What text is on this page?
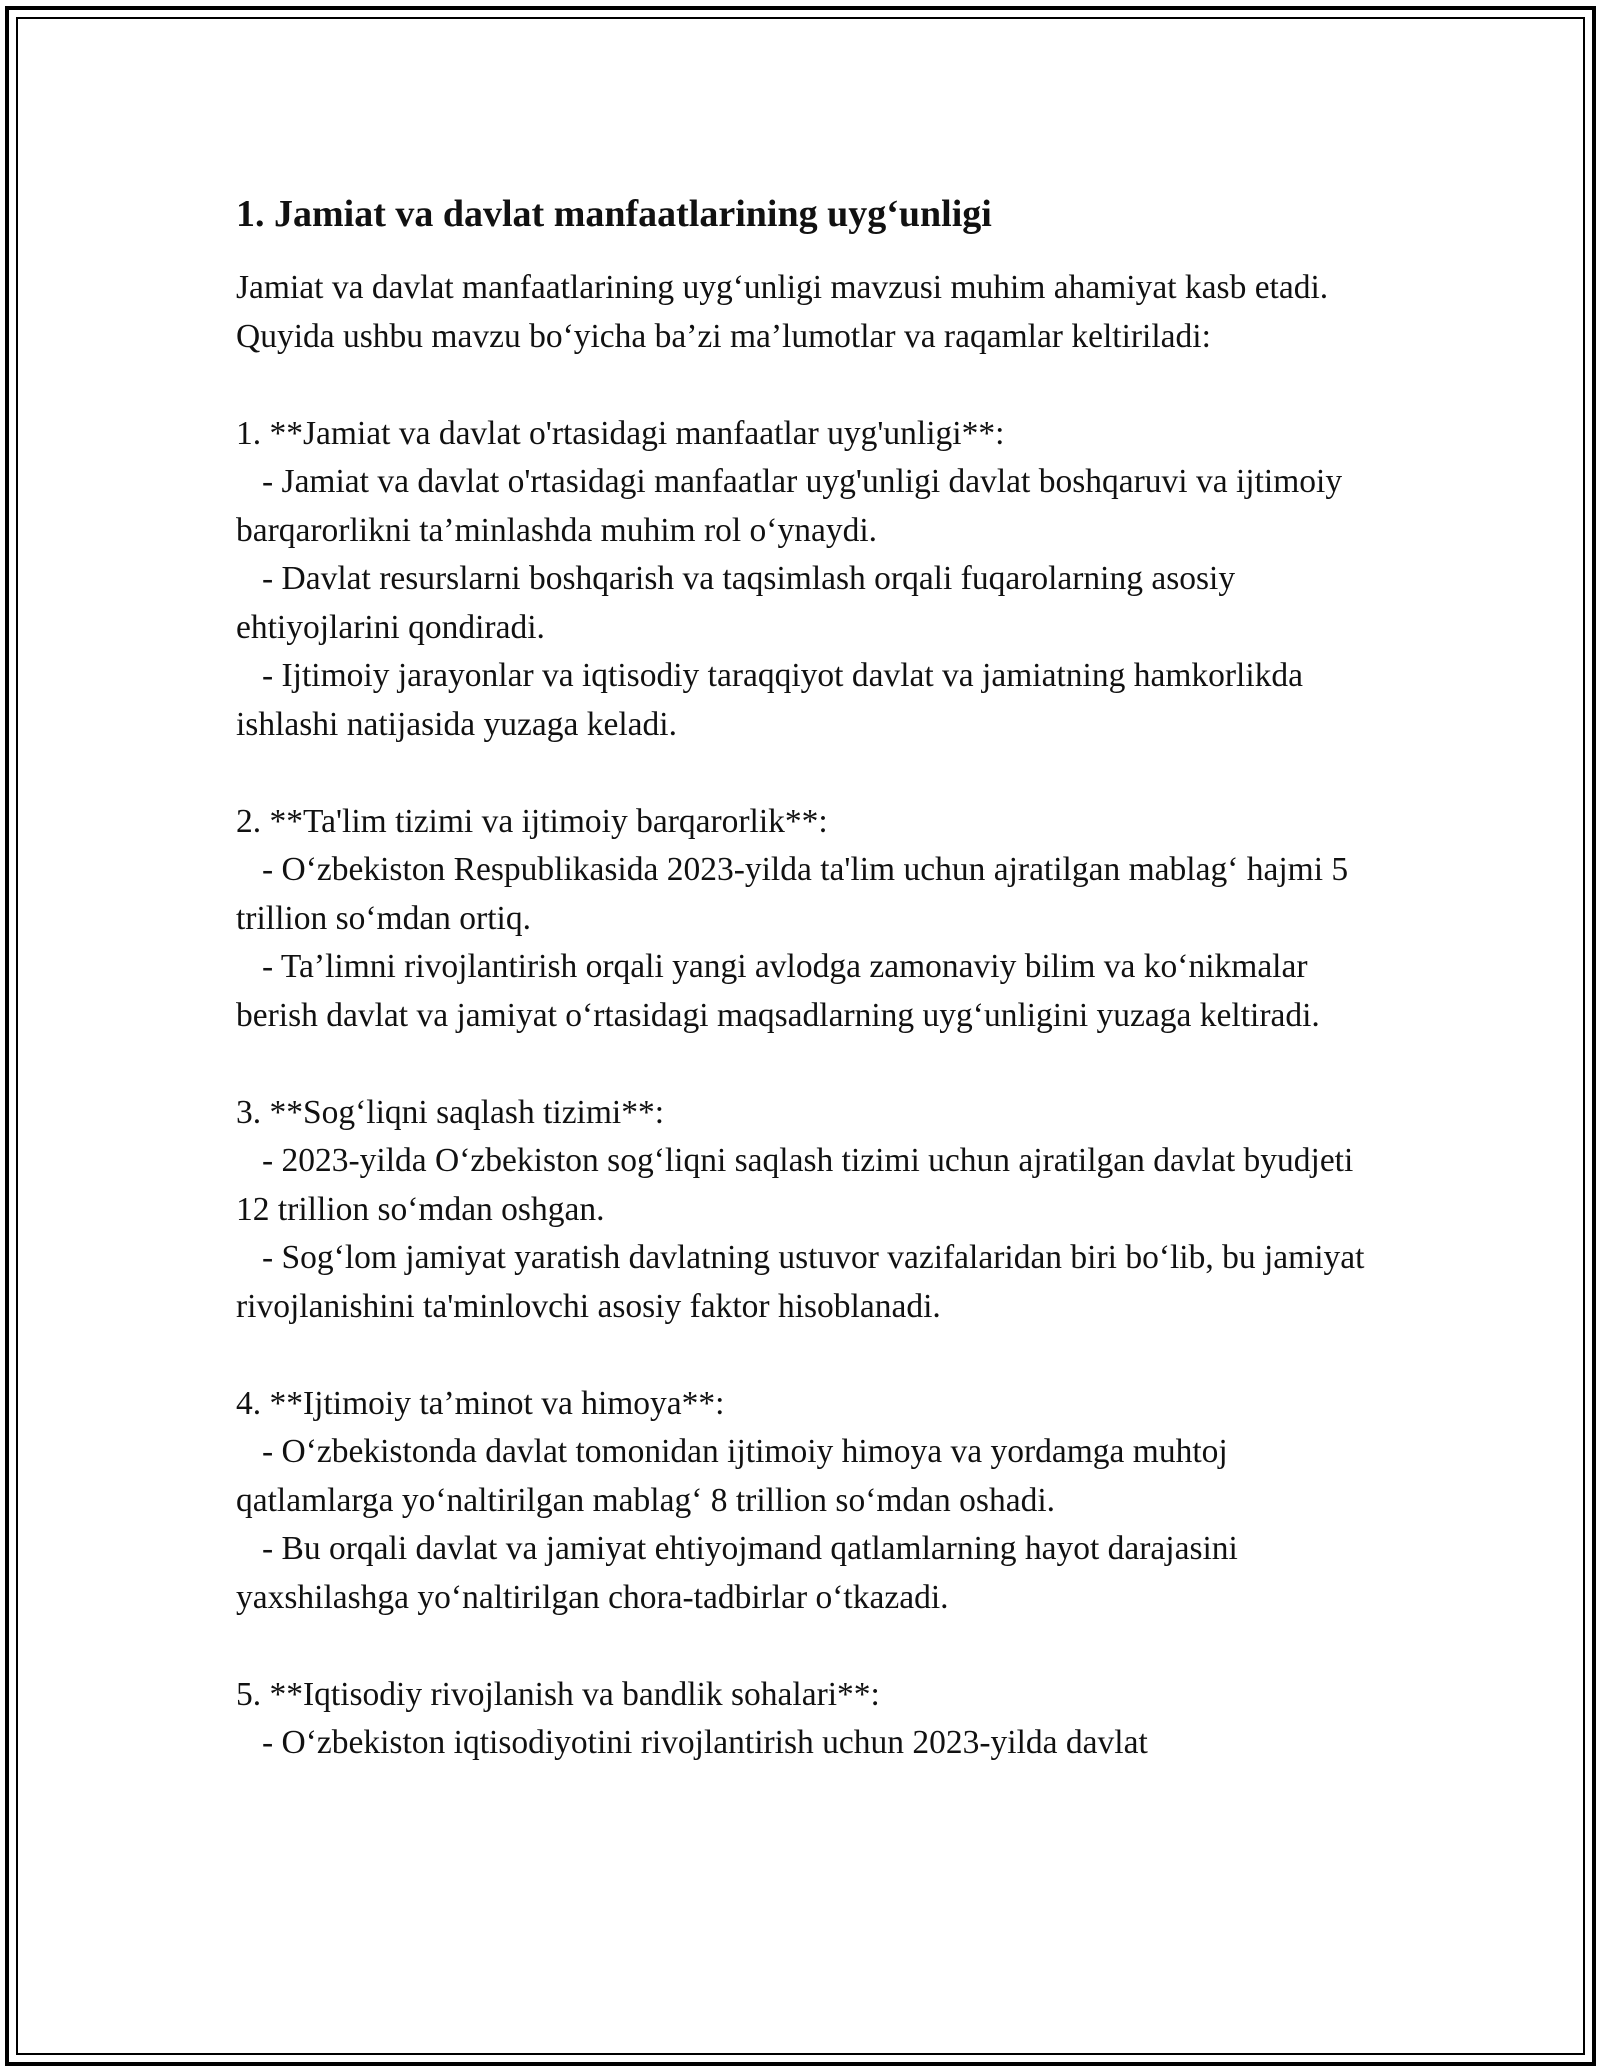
1. Jamiat va davlat manfaatlarining uyg‘unligi

Jamiat va davlat manfaatlarining uyg‘unligi mavzusi muhim ahamiyat kasb etadi. Quyida ushbu mavzu bo‘yicha ba’zi ma’lumotlar va raqamlar keltiriladi:

1. **Jamiat va davlat o'rtasidagi manfaatlar uyg'unligi**:
- Jamiat va davlat o'rtasidagi manfaatlar uyg'unligi davlat boshqaruvi va ijtimoiy barqarorlikni ta’minlashda muhim rol o‘ynaydi.
- Davlat resurslarni boshqarish va taqsimlash orqali fuqarolarning asosiy ehtiyojlarini qondiradi.
- Ijtimoiy jarayonlar va iqtisodiy taraqqiyot davlat va jamiatning hamkorlikda ishlashi natijasida yuzaga keladi.
2. **Ta'lim tizimi va ijtimoiy barqarorlik**:
- O‘zbekiston Respublikasida 2023-yilda ta'lim uchun ajratilgan mablag‘ hajmi 5 trillion so‘mdan ortiq.
- Ta’limni rivojlantirish orqali yangi avlodga zamonaviy bilim va ko‘nikmalar berish davlat va jamiyat o‘rtasidagi maqsadlarning uyg‘unligini yuzaga keltiradi.
3. **Sog‘liqni saqlash tizimi**:
- 2023-yilda O‘zbekiston sog‘liqni saqlash tizimi uchun ajratilgan davlat byudjeti 12 trillion so‘mdan oshgan.
- Sog‘lom jamiyat yaratish davlatning ustuvor vazifalaridan biri bo‘lib, bu jamiyat rivojlanishini ta'minlovchi asosiy faktor hisoblanadi.
4. **Ijtimoiy ta’minot va himoya**:
- O‘zbekistonda davlat tomonidan ijtimoiy himoya va yordamga muhtoj qatlamlarga yo‘naltirilgan mablag‘ 8 trillion so‘mdan oshadi.
- Bu orqali davlat va jamiyat ehtiyojmand qatlamlarning hayot darajasini yaxshilashga yo‘naltirilgan chora-tadbirlar o‘tkazadi.
5. **Iqtisodiy rivojlanish va bandlik sohalari**:
- O‘zbekiston iqtisodiyotini rivojlantirish uchun 2023-yilda davlat
